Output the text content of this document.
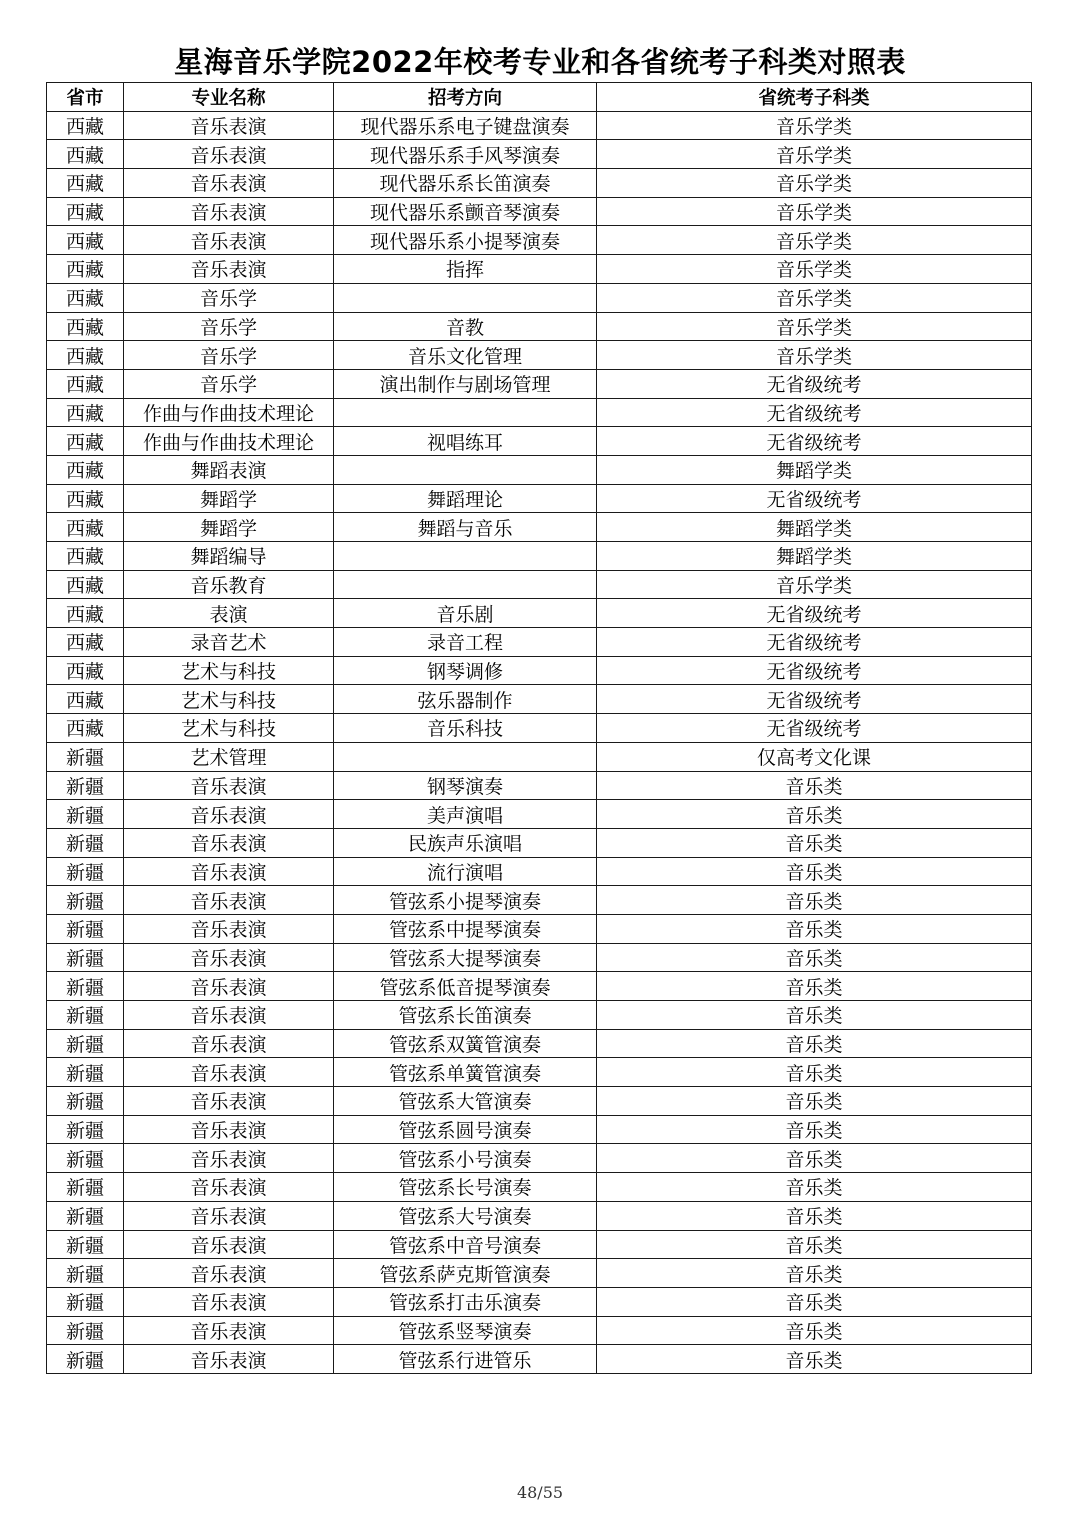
星海音乐学院2022年校考专业和各省统考子科类对照表
省市	专业名称	招考方向	省统考子科类
西藏	音乐表演	现代器乐系电子键盘演奏	音乐学类
西藏	音乐表演	现代器乐系手风琴演奏	音乐学类
西藏	音乐表演	现代器乐系长笛演奏	音乐学类
西藏	音乐表演	现代器乐系颤音琴演奏	音乐学类
西藏	音乐表演	现代器乐系小提琴演奏	音乐学类
西藏	音乐表演	指挥	音乐学类
西藏	音乐学		音乐学类
西藏	音乐学	音教	音乐学类
西藏	音乐学	音乐文化管理	音乐学类
西藏	音乐学	演出制作与剧场管理	无省级统考
西藏	作曲与作曲技术理论		无省级统考
西藏	作曲与作曲技术理论	视唱练耳	无省级统考
西藏	舞蹈表演		舞蹈学类
西藏	舞蹈学	舞蹈理论	无省级统考
西藏	舞蹈学	舞蹈与音乐	舞蹈学类
西藏	舞蹈编导		舞蹈学类
西藏	音乐教育		音乐学类
西藏	表演	音乐剧	无省级统考
西藏	录音艺术	录音工程	无省级统考
西藏	艺术与科技	钢琴调修	无省级统考
西藏	艺术与科技	弦乐器制作	无省级统考
西藏	艺术与科技	音乐科技	无省级统考
新疆	艺术管理		仅高考文化课
新疆	音乐表演	钢琴演奏	音乐类
新疆	音乐表演	美声演唱	音乐类
新疆	音乐表演	民族声乐演唱	音乐类
新疆	音乐表演	流行演唱	音乐类
新疆	音乐表演	管弦系小提琴演奏	音乐类
新疆	音乐表演	管弦系中提琴演奏	音乐类
新疆	音乐表演	管弦系大提琴演奏	音乐类
新疆	音乐表演	管弦系低音提琴演奏	音乐类
新疆	音乐表演	管弦系长笛演奏	音乐类
新疆	音乐表演	管弦系双簧管演奏	音乐类
新疆	音乐表演	管弦系单簧管演奏	音乐类
新疆	音乐表演	管弦系大管演奏	音乐类
新疆	音乐表演	管弦系圆号演奏	音乐类
新疆	音乐表演	管弦系小号演奏	音乐类
新疆	音乐表演	管弦系长号演奏	音乐类
新疆	音乐表演	管弦系大号演奏	音乐类
新疆	音乐表演	管弦系中音号演奏	音乐类
新疆	音乐表演	管弦系萨克斯管演奏	音乐类
新疆	音乐表演	管弦系打击乐演奏	音乐类
新疆	音乐表演	管弦系竖琴演奏	音乐类
新疆	音乐表演	管弦系行进管乐	音乐类
48/55
